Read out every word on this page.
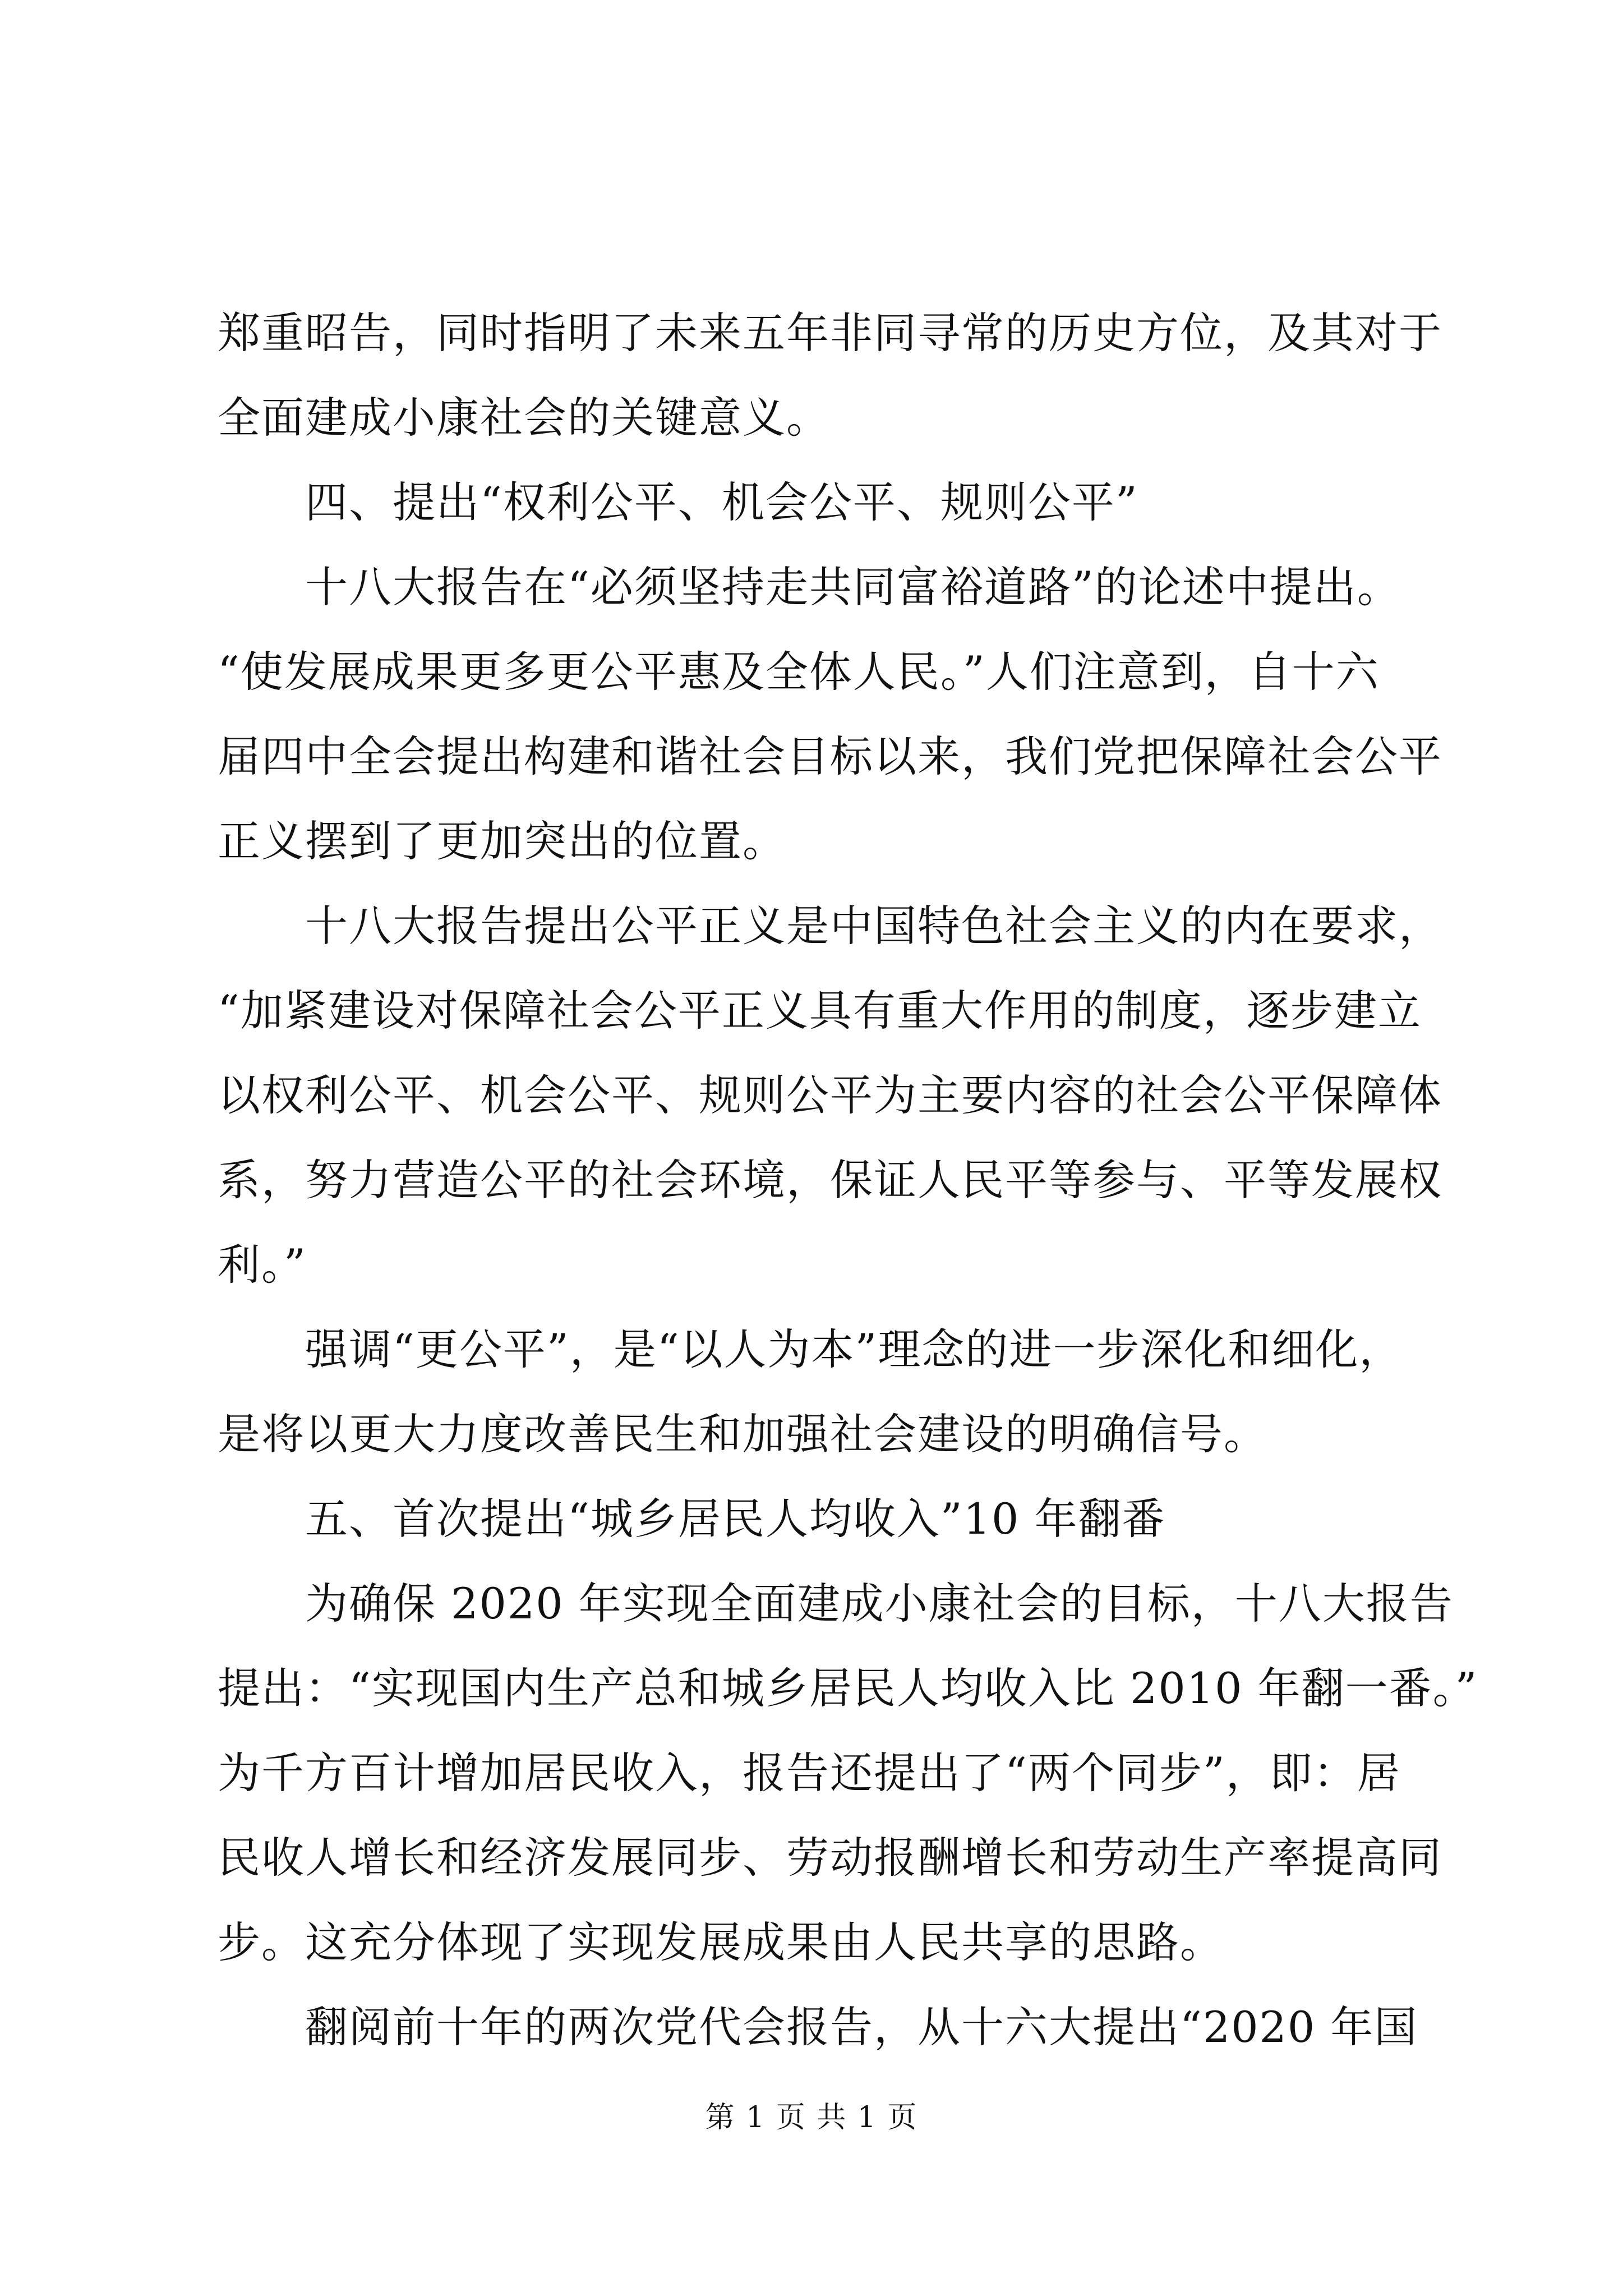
郑重昭告，同时指明了未来五年非同寻常的历史方位，及其对于
全面建成小康社会的关键意义。
四、提出“权利公平、机会公平、规则公平”
十八大报告在“必须坚持走共同富裕道路”的论述中提出。
“使发展成果更多更公平惠及全体人民。”人们注意到，自十六
届四中全会提出构建和谐社会目标以来，我们党把保障社会公平
正义摆到了更加突出的位置。
十八大报告提出公平正义是中国特色社会主义的内在要求，
“加紧建设对保障社会公平正义具有重大作用的制度，逐步建立
以权利公平、机会公平、规则公平为主要内容的社会公平保障体
系，努力营造公平的社会环境，保证人民平等参与、平等发展权
利。”
强调“更公平”，是“以人为本”理念的进一步深化和细化，
是将以更大力度改善民生和加强社会建设的明确信号。
五、首次提出“城乡居民人均收入”10 年翻番
为确保 2020 年实现全面建成小康社会的目标，十八大报告
提出：“实现国内生产总和城乡居民人均收入比 2010 年翻一番。”
为千方百计增加居民收入，报告还提出了“两个同步”，即：居
民收人增长和经济发展同步、劳动报酬增长和劳动生产率提高同
步。这充分体现了实现发展成果由人民共享的思路。
翻阅前十年的两次党代会报告，从十六大提出“2020 年国
第 1 页 共 1 页
